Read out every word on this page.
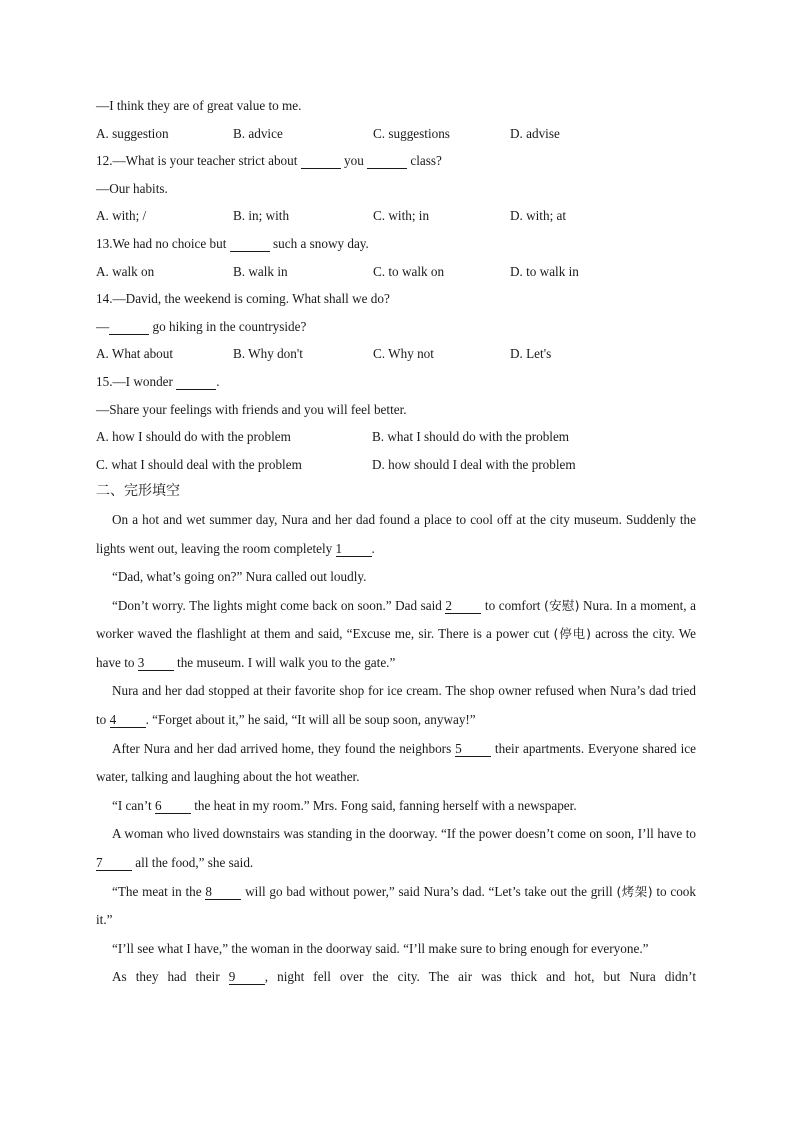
—I think they are of great value to me.
A. suggestion	B. advice	C. suggestions	D. advise
12.—What is your teacher strict about	you	class?
—Our habits.
A. with; /	B. in; with	C. with; in	D. with; at
13.We had no choice but	such a snowy day.
A. walk on	B. walk in	C. to walk on	D. to walk in
14.—David, the weekend is coming. What shall we do?
—	go hiking in the countryside?
A. What about	B. Why don't	C. Why not	D. Let's
15.—I wonder	.
—Share your feelings with friends and you will feel better.
A. how I should do with the problem	B. what I should do with the problem
C. what I should deal with the problem	D. how should I deal with the problem
二、完形填空

On a hot and wet summer day, Nura and her dad found a place to cool off at the city museum. Suddenly the lights went out, leaving the room completely 1 .

“Dad, what’s going on?” Nura called out loudly.

“Don’t worry. The lights might come back on soon.” Dad said 2 to comfort (安慰) Nura. In a moment, a worker waved the flashlight at them and said, “Excuse me, sir. There is a power cut (停电) across the city. We have to 3 the museum. I will walk you to the gate.”

Nura and her dad stopped at their favorite shop for ice cream. The shop owner refused when Nura’s dad tried to 4 . “Forget about it,” he said, “It will all be soup soon, anyway!”

After Nura and her dad arrived home, they found the neighbors 5 their apartments. Everyone shared ice water, talking and laughing about the hot weather.

“I can’t 6 the heat in my room.” Mrs. Fong said, fanning herself with a newspaper.

A woman who lived downstairs was standing in the doorway. “If the power doesn’t come on soon, I’ll have to 7 all the food,” she said.

“The meat in the 8 will go bad without power,” said Nura’s dad. “Let’s take out the grill (烤架) to cook it.”

“I’ll see what I have,” the woman in the doorway said. “I’ll make sure to bring enough for everyone.”

As they had their 9 , night fell over the city. The air was thick and hot, but Nura didn’t
